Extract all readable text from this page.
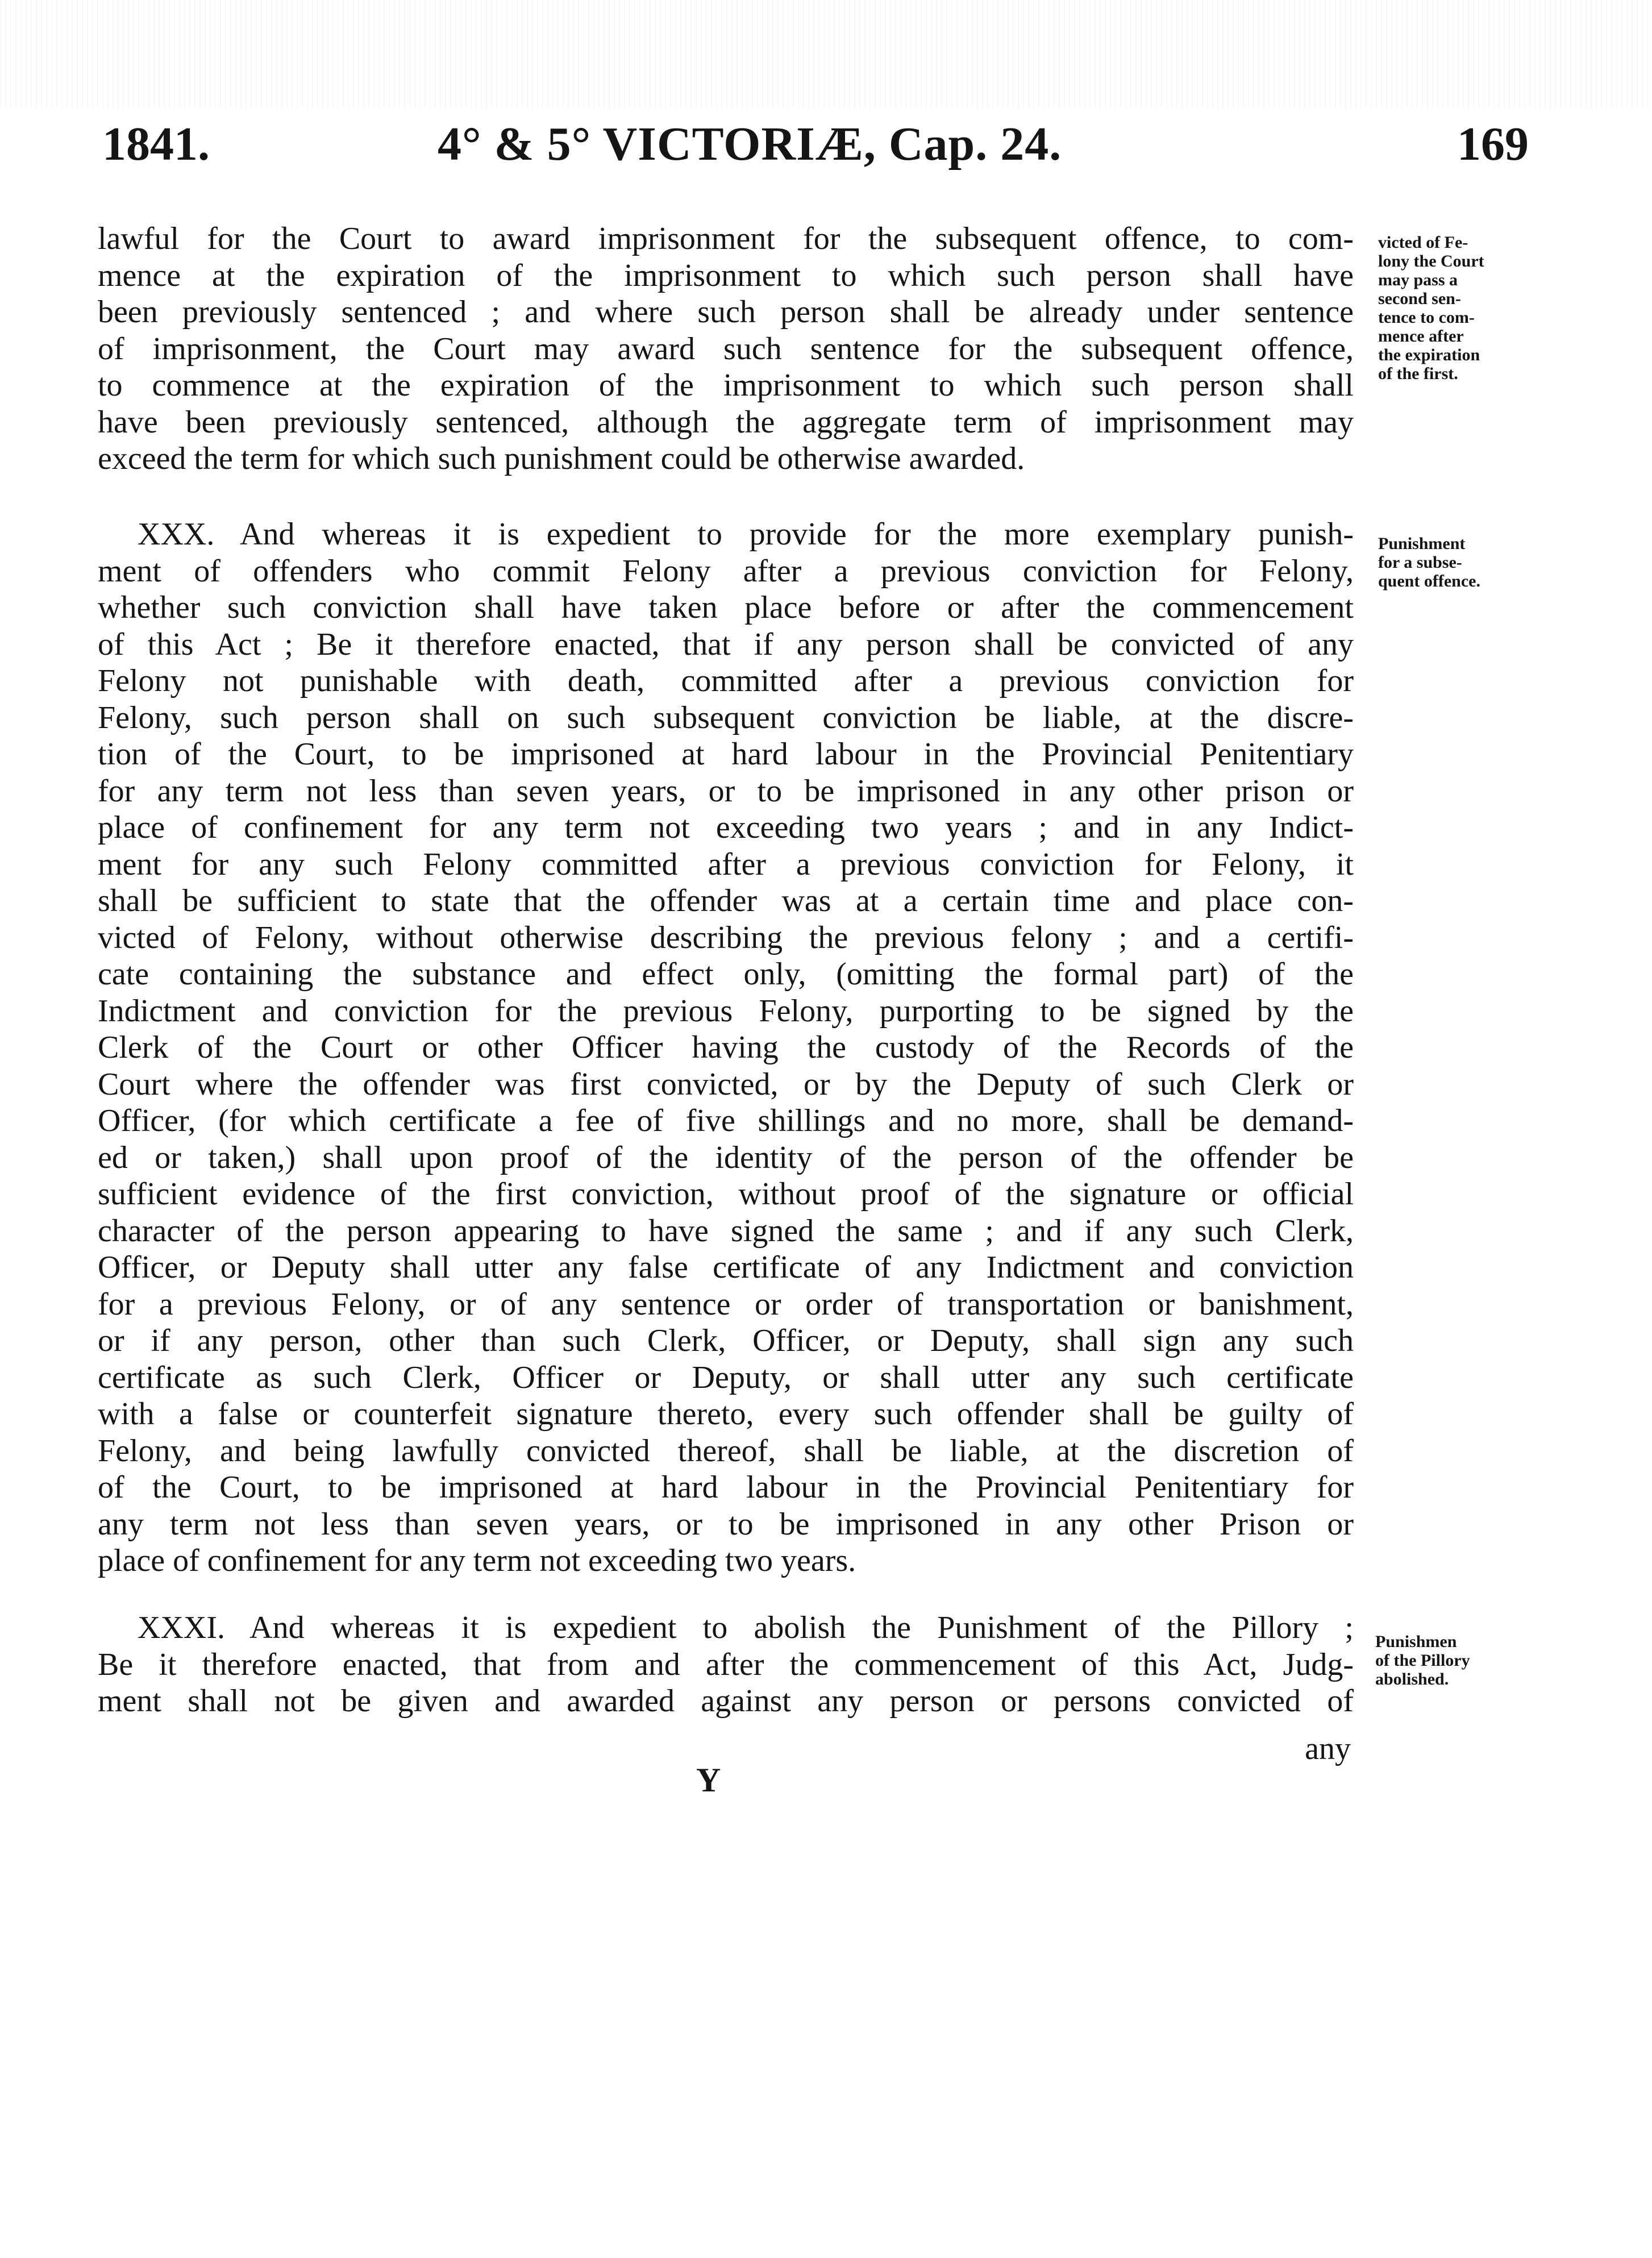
1841.	4° & 5° VICTORIÆ, Cap. 24.	169
lawful for the Court to award imprisonment for the subsequent offence, to com-
mence at the expiration of the imprisonment to which such person shall have
been previously sentenced ; and where such person shall be already under sentence
of imprisonment, the Court may award such sentence for the subsequent offence,
to commence at the expiration of the imprisonment to which such person shall
have been previously sentenced, although the aggregate term of imprisonment may
exceed the term for which such punishment could be otherwise awarded.
XXX. And whereas it is expedient to provide for the more exemplary punish-
ment of offenders who commit Felony after a previous conviction for Felony,
whether such conviction shall have taken place before or after the commencement
of this Act ; Be it therefore enacted, that if any person shall be convicted of any
Felony not punishable with death, committed after a previous conviction for
Felony, such person shall on such subsequent conviction be liable, at the discre-
tion of the Court, to be imprisoned at hard labour in the Provincial Penitentiary
for any term not less than seven years, or to be imprisoned in any other prison or
place of confinement for any term not exceeding two years ; and in any Indict-
ment for any such Felony committed after a previous conviction for Felony, it
shall be sufficient to state that the offender was at a certain time and place con-
victed of Felony, without otherwise describing the previous felony ; and a certifi-
cate containing the substance and effect only, (omitting the formal part) of the
Indictment and conviction for the previous Felony, purporting to be signed by the
Clerk of the Court or other Officer having the custody of the Records of the
Court where the offender was first convicted, or by the Deputy of such Clerk or
Officer, (for which certificate a fee of five shillings and no more, shall be demand-
ed or taken,) shall upon proof of the identity of the person of the offender be
sufficient evidence of the first conviction, without proof of the signature or official
character of the person appearing to have signed the same ; and if any such Clerk,
Officer, or Deputy shall utter any false certificate of any Indictment and conviction
for a previous Felony, or of any sentence or order of transportation or banishment,
or if any person, other than such Clerk, Officer, or Deputy, shall sign any such
certificate as such Clerk, Officer or Deputy, or shall utter any such certificate
with a false or counterfeit signature thereto, every such offender shall be guilty of
Felony, and being lawfully convicted thereof, shall be liable, at the discretion of
of the Court, to be imprisoned at hard labour in the Provincial Penitentiary for
any term not less than seven years, or to be imprisoned in any other Prison or
place of confinement for any term not exceeding two years.
XXXI. And whereas it is expedient to abolish the Punishment of the Pillory ;
Be it therefore enacted, that from and after the commencement of this Act, Judg-
ment shall not be given and awarded against any person or persons convicted of
any
Y
victed of Fe-
lony the Court
may pass a
second sen-
tence to com-
mence after
the expiration
of the first.
Punishment
for a subse-
quent offence.
Punishmen
of the Pillory
abolished.
